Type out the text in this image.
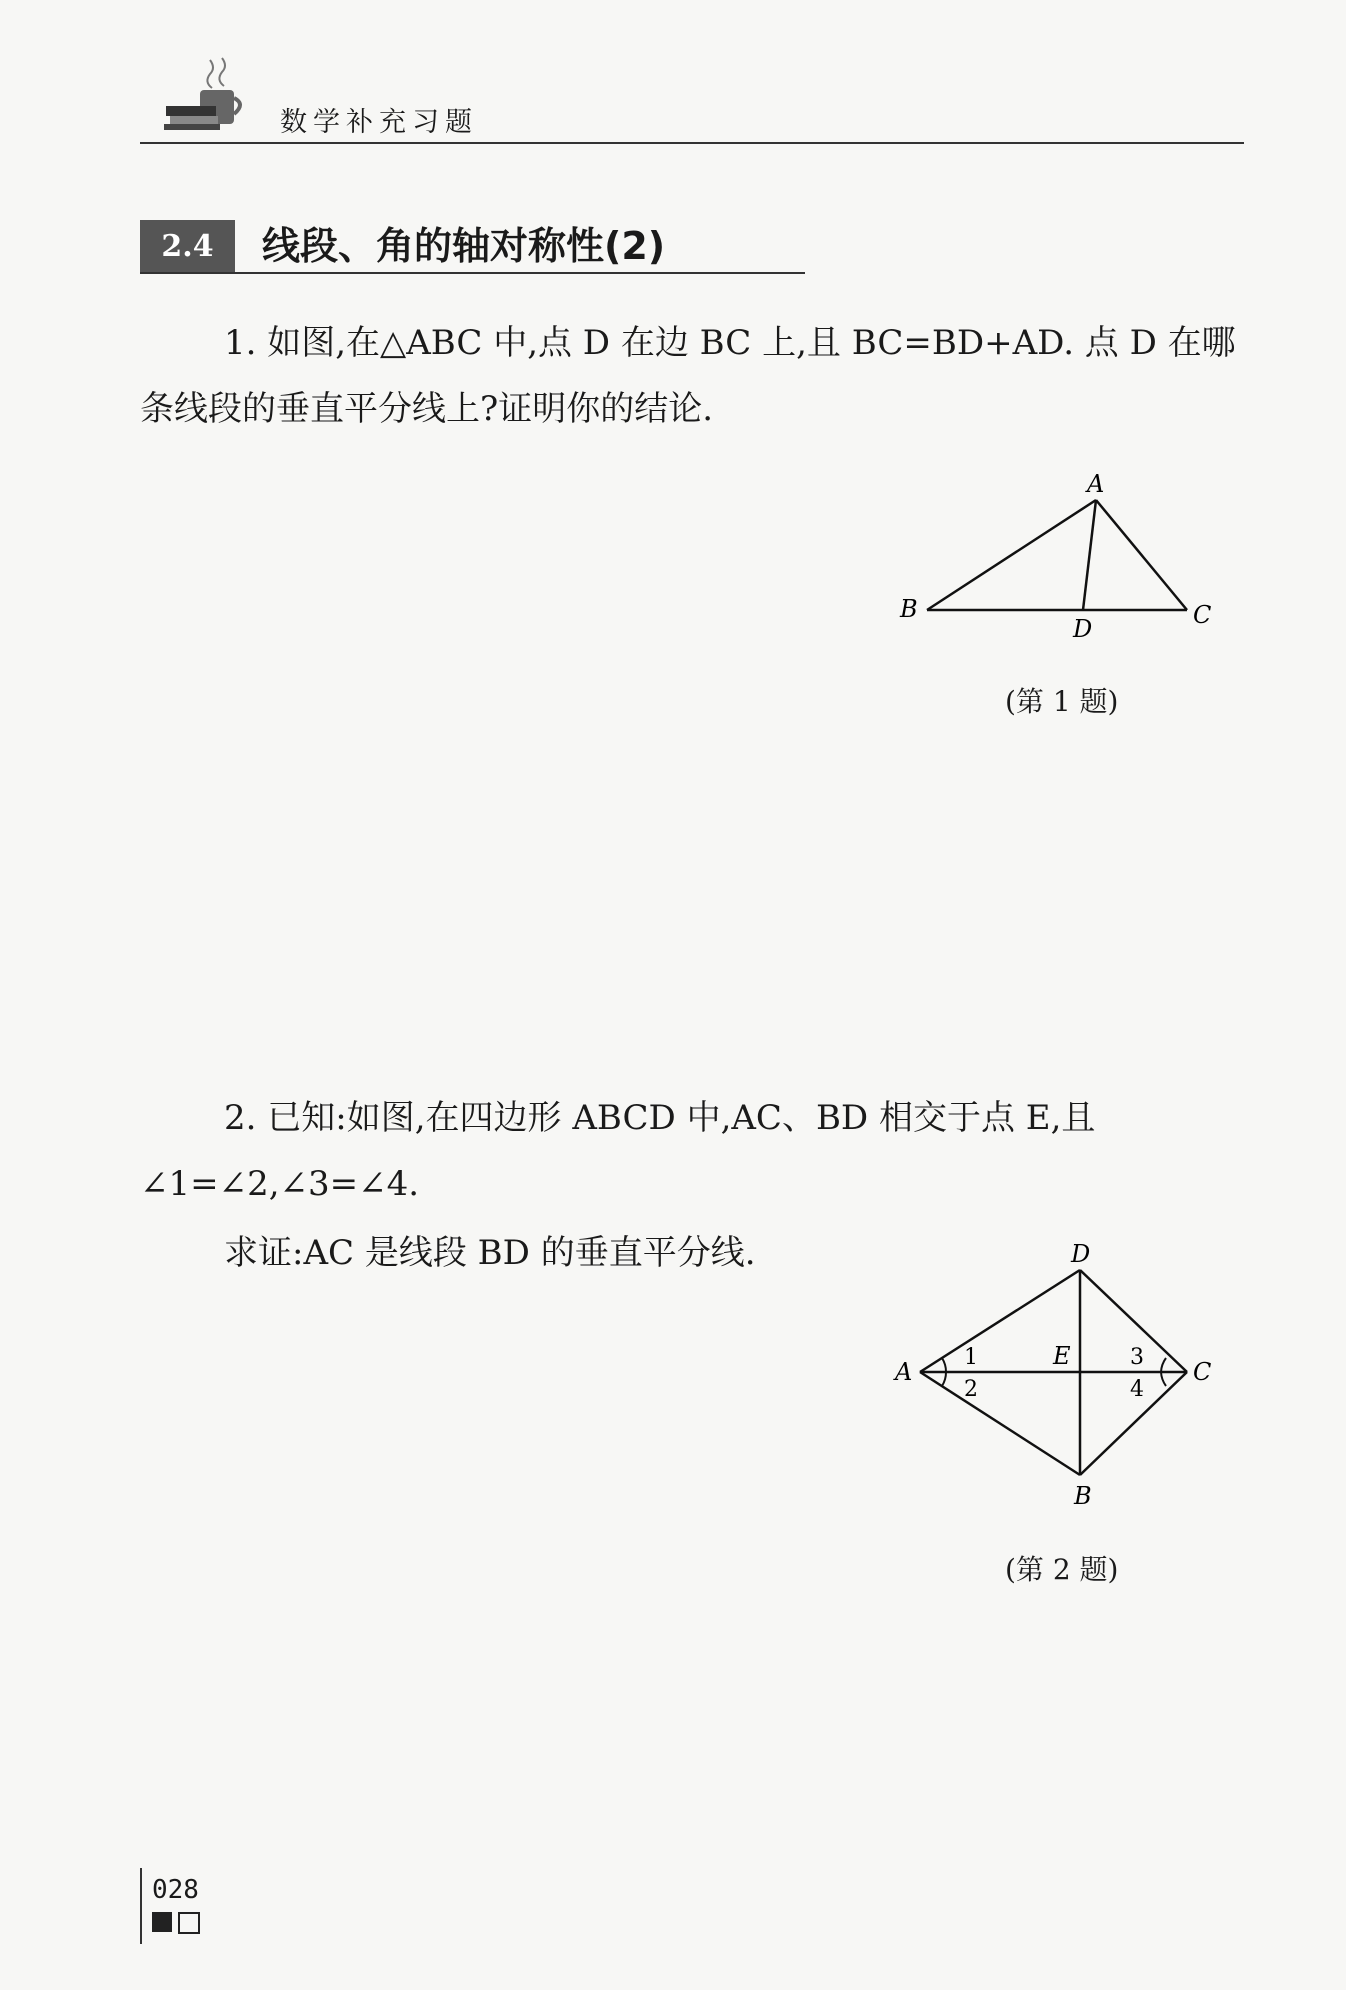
数学补充习题
2.4	线段、角的轴对称性(2)
1. 如图,在△ABC 中,点 D 在边 BC 上,且 BC=BD+AD. 点 D 在哪条线段的垂直平分线上?证明你的结论.
A
B	C
D
(第 1 题)
2. 已知:如图,在四边形 ABCD 中,AC、BD 相交于点 E,且∠1=∠2,∠3=∠4.
求证:AC 是线段 BD 的垂直平分线.	D
A	C
B
E
1
2
3
4
(第 2 题)
028
